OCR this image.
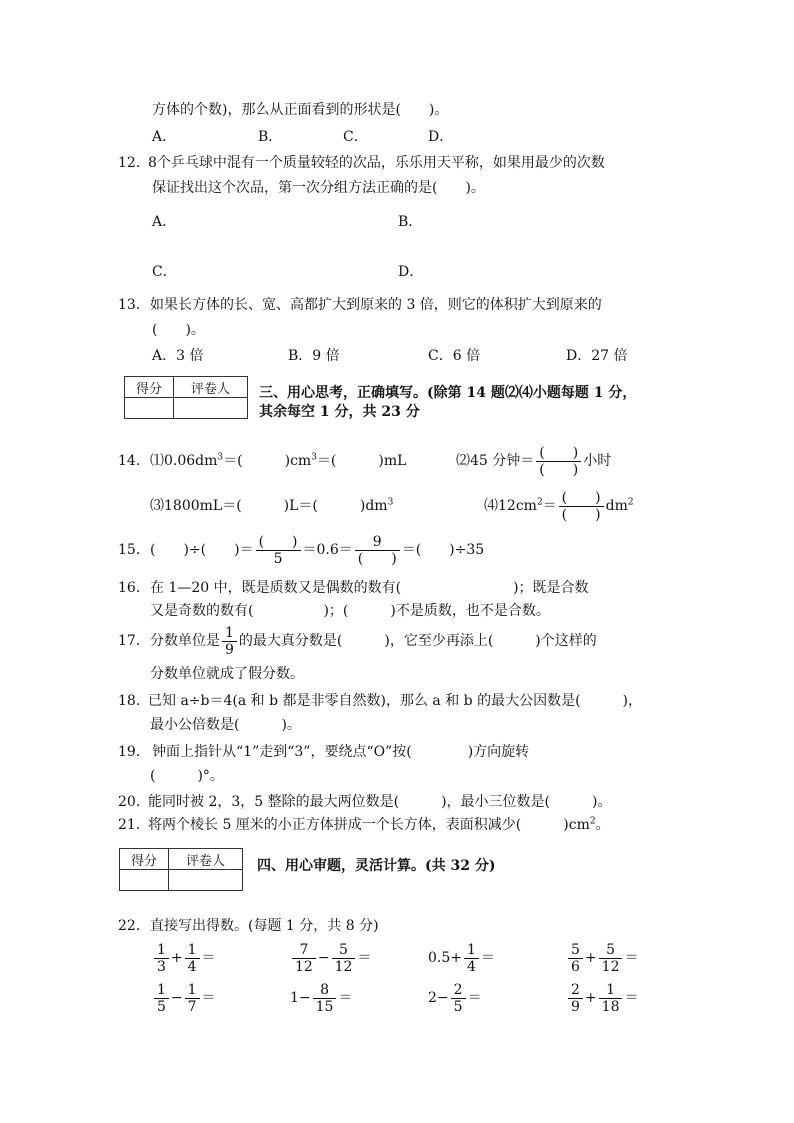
方体的个数)，那么从正面看到的形状是(　　)。
A．	B．	C．	D．
12. 8个乒乓球中混有一个质量较轻的次品，乐乐用天平称，如果用最少的次数
保证找出这个次品，第一次分组方法正确的是(　　)。
A．	B．
C．	D．
13. 如果长方体的长、宽、高都扩大到原来的 3 倍，则它的体积扩大到原来的
(　　)。
A．3 倍	B．9 倍	C．6 倍	D．27 倍
得分	评卷人
	三、用心思考，正确填写。(除第 14 题⑵⑷小题每题 1 分，
其余每空 1 分，共 23 分
14. $⑴0.06dm^3=$(　　　)$cm^3=$(　　　)mL	⑵45 分钟＝ $\frac{( )}{( )}$ 小时
⑶1800mL＝(　　　)L＝(　　　)$dm^3$	$⑷12cm^2= \frac{( )}{( )} dm^2$
15. (　　)÷(　　)＝ $\frac{( )}{5} =0.6= \frac{9}{( )}$ ＝(　　)÷35
16. 在 1—20 中，既是质数又是偶数的数有(　　　　　　　　)；既是合数
又是奇数的数有(　　　　　)；(　　　)不是质数，也不是合数。
17. 分数单位是 $\frac{1}{9}$ 的最大真分数是(　　　)，它至少再添上(　　　)个这样的
分数单位就成了假分数。
18. 已知 a÷b＝4(a 和 b 都是非零自然数)，那么 a 和 b 的最大公因数是(　　　)，
最小公倍数是(　　　)。
19． 钟面上指针从“1”走到“3”，要绕点“O”按(　　　　)方向旋转
(　　　)°。
20. 能同时被 2，3，5 整除的最大两位数是(　　　)，最小三位数是(　　　)。
21. 将两个棱长 5 厘米的小正方体拼成一个长方体，表面积减少(　　　)$cm^2$。
得分	评卷人
	四、用心审题，灵活计算。(共 32 分)
22. 直接写出得数。(每题 1 分，共 8 分)
$\frac{1}{3} + \frac{1}{4}$ ＝	$\frac{7}{12} - \frac{5}{12}$ ＝	$0.5+ \frac{1}{4}$ ＝	$\frac{5}{6} + \frac{5}{12}$ ＝
$\frac{1}{5} - \frac{1}{7}$ ＝	$1- \frac{8}{15}$ ＝	$2- \frac{2}{5}$ ＝	$\frac{2}{9} + \frac{1}{18}$ ＝
